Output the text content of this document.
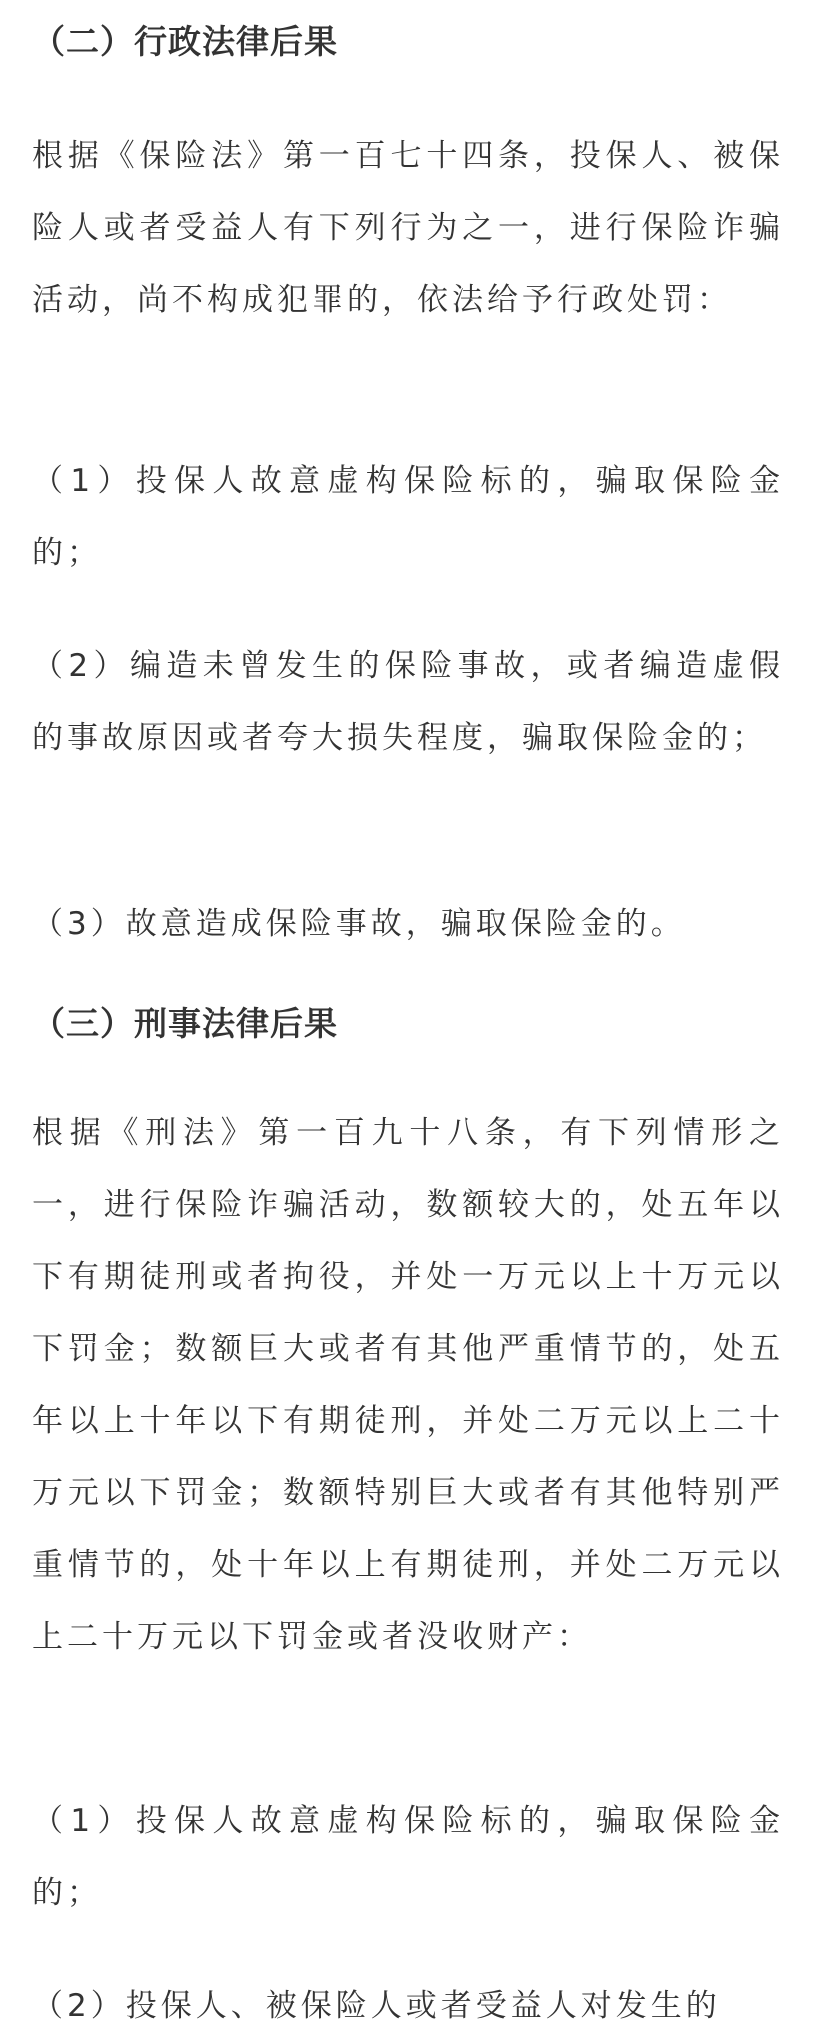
（二）行政法律后果

根据《保险法》第一百七十四条，投保人、被保险人或者受益人有下列行为之一，进行保险诈骗活动，尚不构成犯罪的，依法给予行政处罚：

（1）投保人故意虚构保险标的，骗取保险金的；

（2）编造未曾发生的保险事故，或者编造虚假的事故原因或者夸大损失程度，骗取保险金的；

（3）故意造成保险事故，骗取保险金的。

（三）刑事法律后果

根据《刑法》第一百九十八条，有下列情形之一，进行保险诈骗活动，数额较大的，处五年以下有期徒刑或者拘役，并处一万元以上十万元以下罚金；数额巨大或者有其他严重情节的，处五年以上十年以下有期徒刑，并处二万元以上二十万元以下罚金；数额特别巨大或者有其他特别严重情节的，处十年以上有期徒刑，并处二万元以上二十万元以下罚金或者没收财产：

（1）投保人故意虚构保险标的，骗取保险金的；

（2）投保人、被保险人或者受益人对发生的
